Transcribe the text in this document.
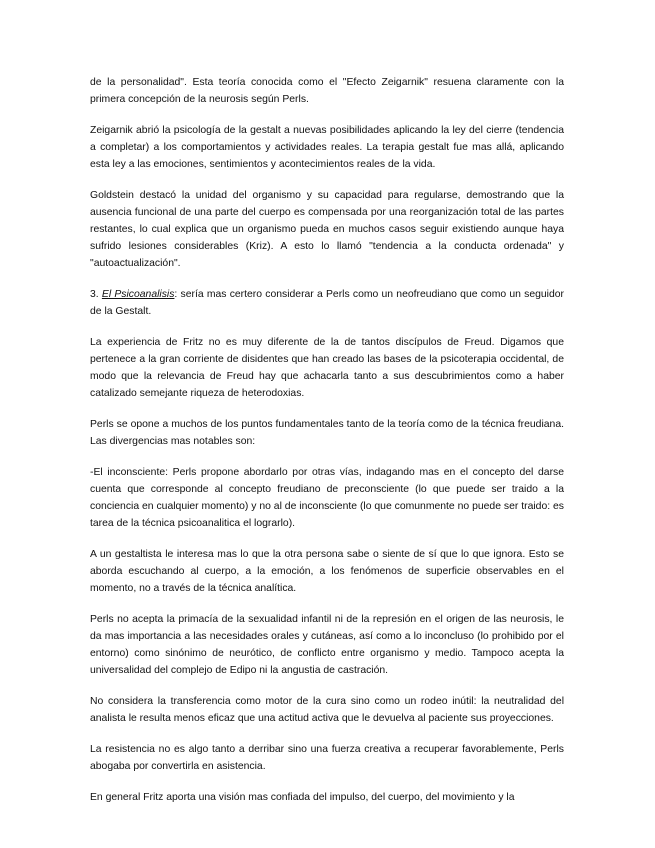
de la personalidad". Esta teoría conocida como el "Efecto Zeigarnik" resuena claramente con la primera concepción de la neurosis según Perls.

Zeigarnik abrió la psicología de la gestalt a nuevas posibilidades aplicando la ley del cierre (tendencia a completar) a los comportamientos y actividades reales. La terapia gestalt fue mas allá, aplicando esta ley a las emociones, sentimientos y acontecimientos reales de la vida.

Goldstein destacó la unidad del organismo y su capacidad para regularse, demostrando que la ausencia funcional de una parte del cuerpo es compensada por una reorganización total de las partes restantes, lo cual explica que un organismo pueda en muchos casos seguir existiendo aunque haya sufrido lesiones considerables (Kriz). A esto lo llamó "tendencia a la conducta ordenada" y "autoactualización".

3. El Psicoanalisis: sería mas certero considerar a Perls como un neofreudiano que como un seguidor de la Gestalt.

La experiencia de Fritz no es muy diferente de la de tantos discípulos de Freud. Digamos que pertenece a la gran corriente de disidentes que han creado las bases de la psicoterapia occidental, de modo que la relevancia de Freud hay que achacarla tanto a sus descubrimientos como a haber catalizado semejante riqueza de heterodoxias.

Perls se opone a muchos de los puntos fundamentales tanto de la teoría como de la técnica freudiana. Las divergencias mas notables son:

-El inconsciente: Perls propone abordarlo por otras vías, indagando mas en el concepto del darse cuenta que corresponde al concepto freudiano de preconsciente (lo que puede ser traido a la conciencia en cualquier momento) y no al de inconsciente (lo que comunmente no puede ser traido: es tarea de la técnica psicoanalitica el lograrlo).

A un gestaltista le interesa mas lo que la otra persona sabe o siente de sí que lo que ignora. Esto se aborda escuchando al cuerpo, a la emoción, a los fenómenos de superficie observables en el momento, no a través de la técnica analítica.

Perls no acepta la primacía de la sexualidad infantil ni de la represión en el origen de las neurosis, le da mas importancia a las necesidades orales y cutáneas, así como a lo inconcluso (lo prohibido por el entorno) como sinónimo de neurótico, de conflicto entre organismo y medio. Tampoco acepta la universalidad del complejo de Edipo ni la angustia de castración.

No considera la transferencia como motor de la cura sino como un rodeo inútil: la neutralidad del analista le resulta menos eficaz que una actitud activa que le devuelva al paciente sus proyecciones.

La resistencia no es algo tanto a derribar sino una fuerza creativa a recuperar favorablemente, Perls abogaba por convertirla en asistencia.

En general Fritz aporta una visión mas confiada del impulso, del cuerpo, del movimiento y la
